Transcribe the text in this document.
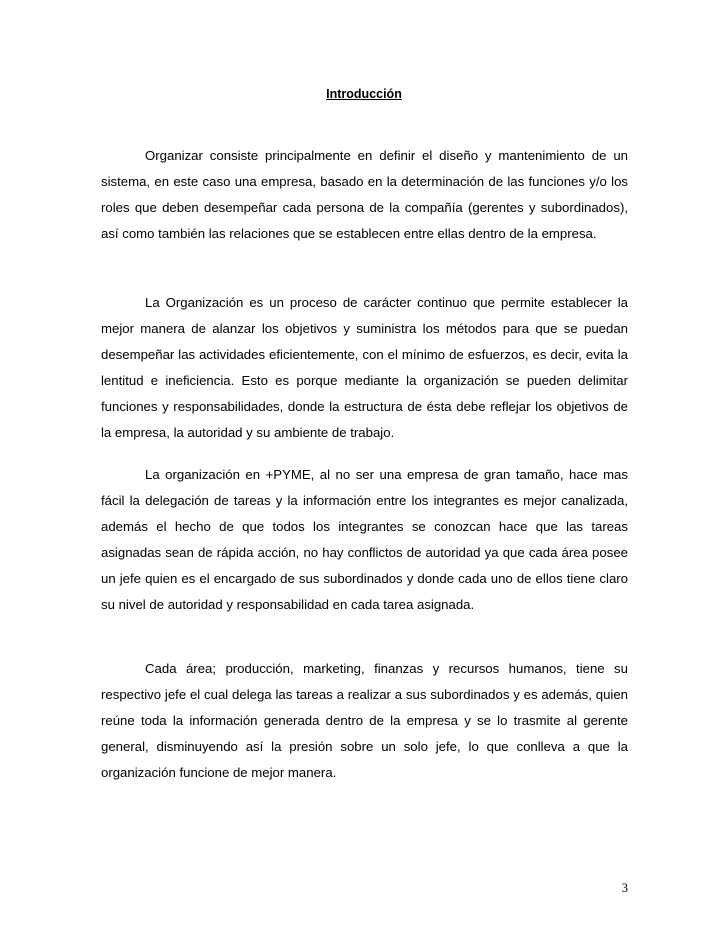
Introducción

Organizar consiste principalmente en definir el diseño y mantenimiento de un sistema, en este caso una empresa, basado en la determinación de las funciones y/o los roles que deben desempeñar cada persona de la compañía (gerentes y subordinados), así como también las relaciones que se establecen entre ellas dentro de la empresa.

La Organización es un proceso de carácter continuo que permite establecer la mejor manera de alanzar los objetivos y suministra los métodos para que se puedan desempeñar las actividades eficientemente, con el mínimo de esfuerzos, es decir, evita la lentitud e ineficiencia. Esto es porque mediante la organización se pueden delimitar funciones y responsabilidades, donde la estructura de ésta debe reflejar los objetivos de la empresa, la autoridad y su ambiente de trabajo.

La organización en +PYME, al no ser una empresa de gran tamaño, hace mas fácil la delegación de tareas y la información entre los integrantes es mejor canalizada, además el hecho de que todos los integrantes se conozcan hace que las tareas asignadas sean de rápida acción, no hay conflictos de autoridad ya que cada área posee un jefe quien es el encargado de sus subordinados y donde cada uno de ellos tiene claro su nivel de autoridad y responsabilidad en cada tarea asignada.

Cada área; producción, marketing, finanzas y recursos humanos, tiene su respectivo jefe el cual delega las tareas a realizar a sus subordinados y es además, quien reúne toda la información generada dentro de la empresa y se lo trasmite al gerente general, disminuyendo así la presión sobre un solo jefe, lo que conlleva a que la organización funcione de mejor manera.

3
